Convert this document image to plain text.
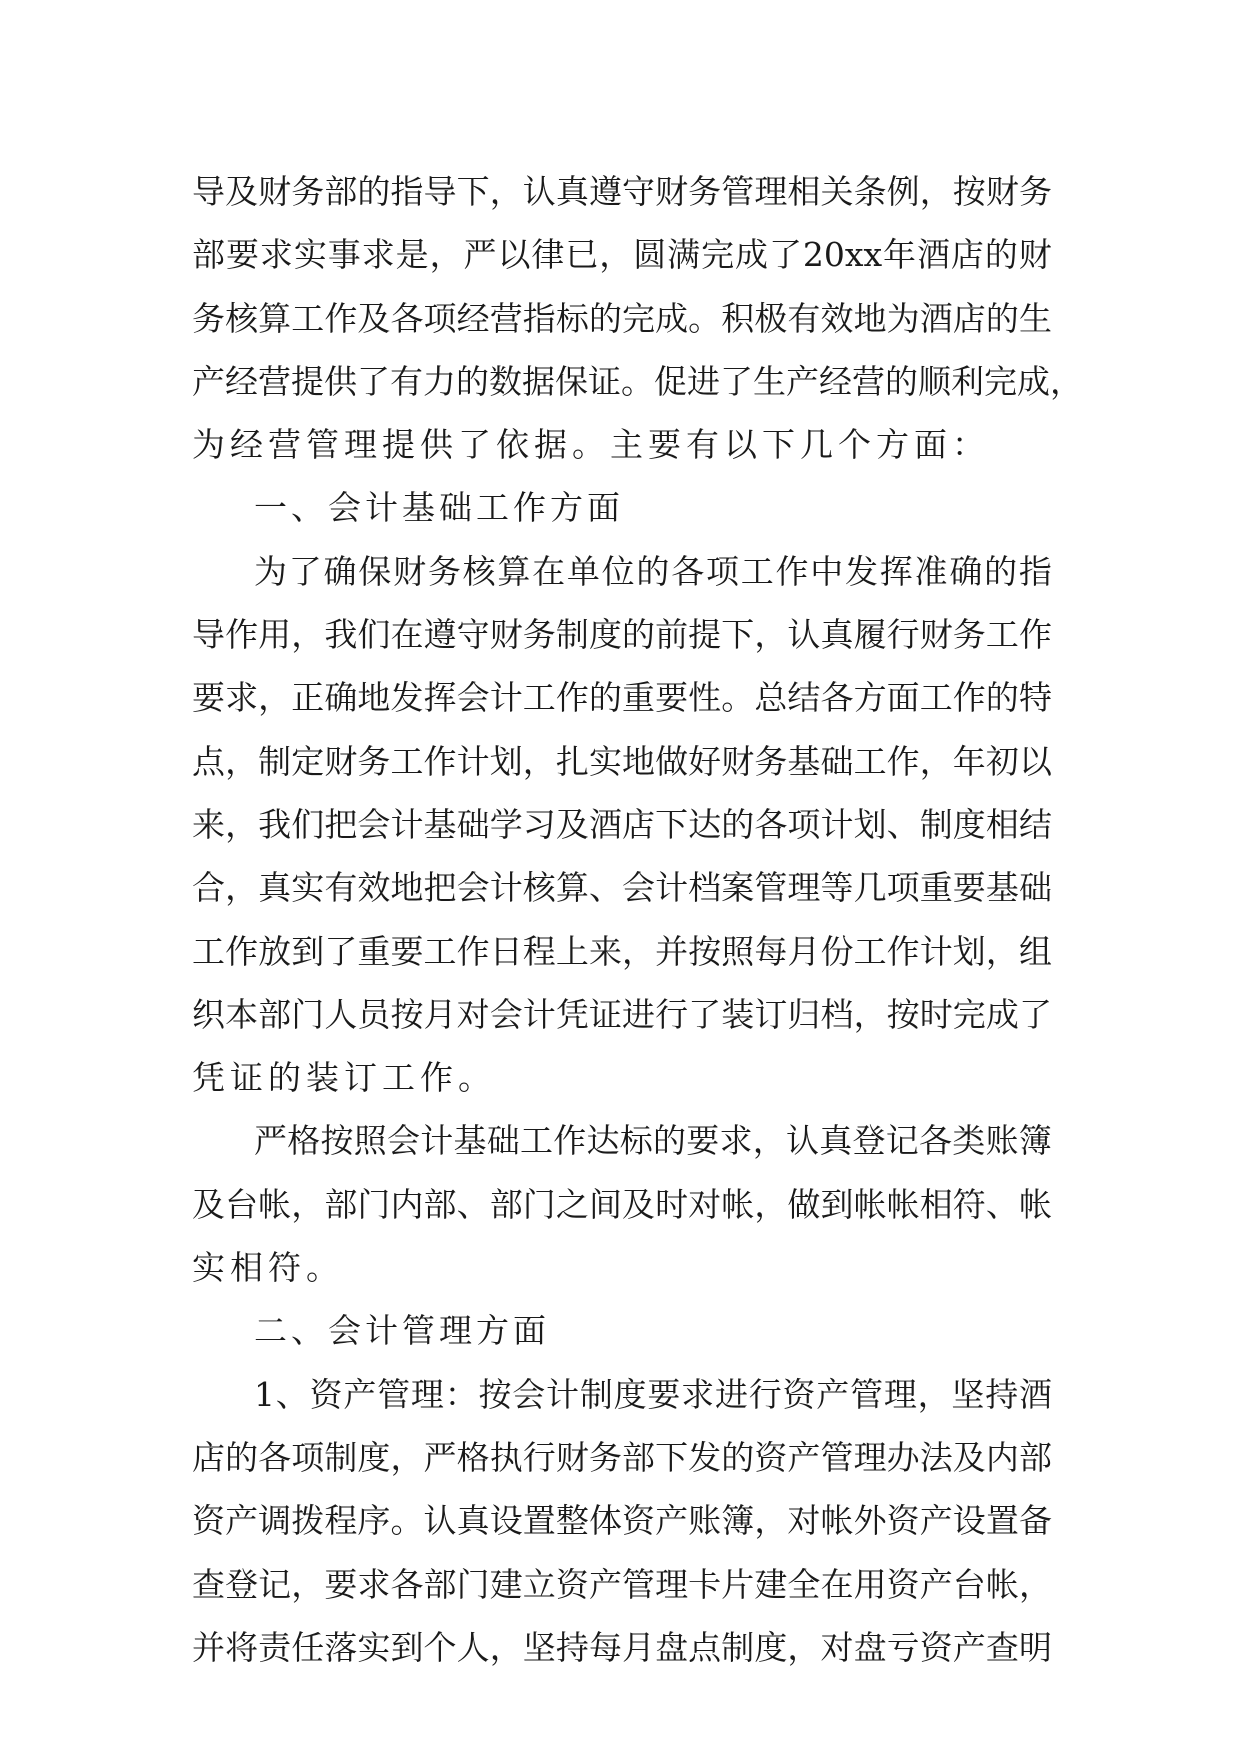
导 及 财 务 部 的 指 导 下 ， 认 真 遵 守 财 务 管 理 相 关 条 例 ， 按 财 务
部 要 求 实 事 求 是 ， 严 以 律 已 ， 圆 满 完 成 了 20xx 年 酒 店 的 财
务 核 算 工 作 及 各 项 经 营 指 标 的 完 成 。 积 极 有 效 地 为 酒 店 的 生
产 经 营 提 供 了 有 力 的 数 据 保 证 。 促 进 了 生 产 经 营 的 顺 利 完 成 ，
为经营管理提供了依据。主要有以下几个方面：
一、会计基础工作方面
为 了 确 保 财 务 核 算 在 单 位 的 各 项 工 作 中 发 挥 准 确 的 指
导 作 用 ， 我 们 在 遵 守 财 务 制 度 的 前 提 下 ， 认 真 履 行 财 务 工 作
要 求 ， 正 确 地 发 挥 会 计 工 作 的 重 要 性 。 总 结 各 方 面 工 作 的 特
点 ， 制 定 财 务 工 作 计 划 ， 扎 实 地 做 好 财 务 基 础 工 作 ， 年 初 以
来 ， 我 们 把 会 计 基 础 学 习 及 酒 店 下 达 的 各 项 计 划 、 制 度 相 结
合 ， 真 实 有 效 地 把 会 计 核 算 、 会 计 档 案 管 理 等 几 项 重 要 基 础
工 作 放 到 了 重 要 工 作 日 程 上 来 ， 并 按 照 每 月 份 工 作 计 划 ， 组
织 本 部 门 人 员 按 月 对 会 计 凭 证 进 行 了 装 订 归 档 ， 按 时 完 成 了
凭证的装订工作。
严 格 按 照 会 计 基 础 工 作 达 标 的 要 求 ， 认 真 登 记 各 类 账 簿
及 台 帐 ， 部 门 内 部 、 部 门 之 间 及 时 对 帐 ， 做 到 帐 帐 相 符 、 帐
实相符。
二、会计管理方面
1 、 资 产 管 理 ： 按 会 计 制 度 要 求 进 行 资 产 管 理 ， 坚 持 酒
店 的 各 项 制 度 ， 严 格 执 行 财 务 部 下 发 的 资 产 管 理 办 法 及 内 部
资 产 调 拨 程 序 。 认 真 设 置 整 体 资 产 账 簿 ， 对 帐 外 资 产 设 置 备
查 登 记 ， 要 求 各 部 门 建 立 资 产 管 理 卡 片 建 全 在 用 资 产 台 帐 ，
并 将 责 任 落 实 到 个 人 ， 坚 持 每 月 盘 点 制 度 ， 对 盘 亏 资 产 查 明
